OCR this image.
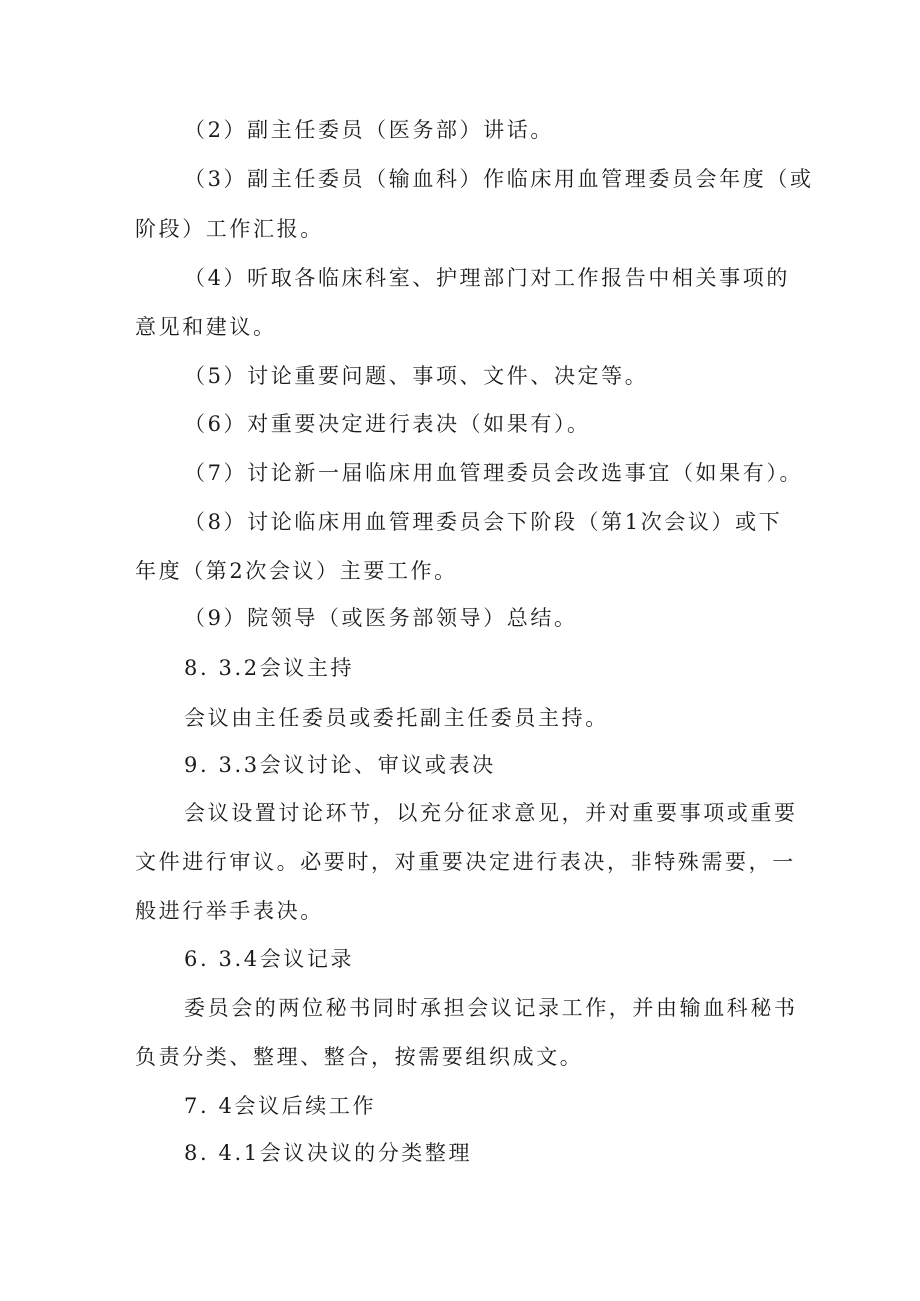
（2）副主任委员（医务部）讲话。
（3）副主任委员（输血科）作临床用血管理委员会年度（或
阶段）工作汇报。
（4）听取各临床科室、护理部门对工作报告中相关事项的
意见和建议。
（5）讨论重要问题、事项、文件、决定等。
（6）对重要决定进行表决（如果有）。
（7）讨论新一届临床用血管理委员会改选事宜（如果有）。
（8）讨论临床用血管理委员会下阶段（第1次会议）或下
年度（第2次会议）主要工作。
（9）院领导（或医务部领导）总结。
8. 3.2会议主持
会议由主任委员或委托副主任委员主持。
9. 3.3会议讨论、审议或表决
会议设置讨论环节，以充分征求意见，并对重要事项或重要
文件进行审议。必要时，对重要决定进行表决，非特殊需要，一
般进行举手表决。
6. 3.4会议记录
委员会的两位秘书同时承担会议记录工作，并由输血科秘书
负责分类、整理、整合，按需要组织成文。
7. 4会议后续工作
8. 4.1会议决议的分类整理
